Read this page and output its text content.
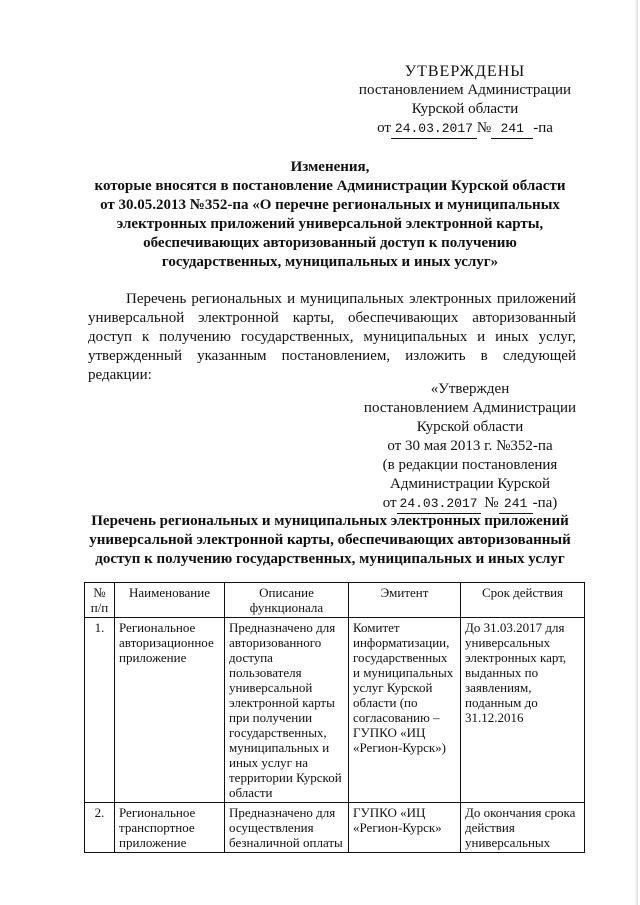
УТВЕРЖДЕНЫ
постановлением Администрации
Курской области
от 24.03.2017 № 241 -па
Изменения,
которые вносятся в постановление Администрации Курской области
от 30.05.2013 №352-па «О перечне региональных и муниципальных
электронных приложений универсальной электронной карты,
обеспечивающих авторизованный доступ к получению
государственных, муниципальных и иных услуг»

Перечень региональных и муниципальных электронных приложений универсальной электронной карты, обеспечивающих авторизованный доступ к получению государственных, муниципальных и иных услуг, утвержденный указанным постановлением, изложить в следующей редакции:

«Утвержден
постановлением Администрации
Курской области
от 30 мая 2013 г. №352-па
(в редакции постановления
Администрации Курской
от 24.03.2017 № 241 -па)
Перечень региональных и муниципальных электронных приложений
универсальной электронной карты, обеспечивающих авторизованный
доступ к получению государственных, муниципальных и иных услуг
№ п/п	Наименование	Описание функционала	Эмитент	Срок действия
1.	Региональное авторизационное приложение	Предназначено для авторизованного доступа пользователя универсальной электронной карты при получении государственных, муниципальных и иных услуг на территории Курской области	Комитет информатизации, государственных и муниципальных услуг Курской области (по согласованию – ГУПКО «ИЦ «Регион-Курск»)	До 31.03.2017 для универсальных электронных карт, выданных по заявлениям, поданным до 31.12.2016
2.	Региональное транспортное приложение	Предназначено для осуществления безналичной оплаты	ГУПКО «ИЦ «Регион-Курск»	До окончания срока действия универсальных
